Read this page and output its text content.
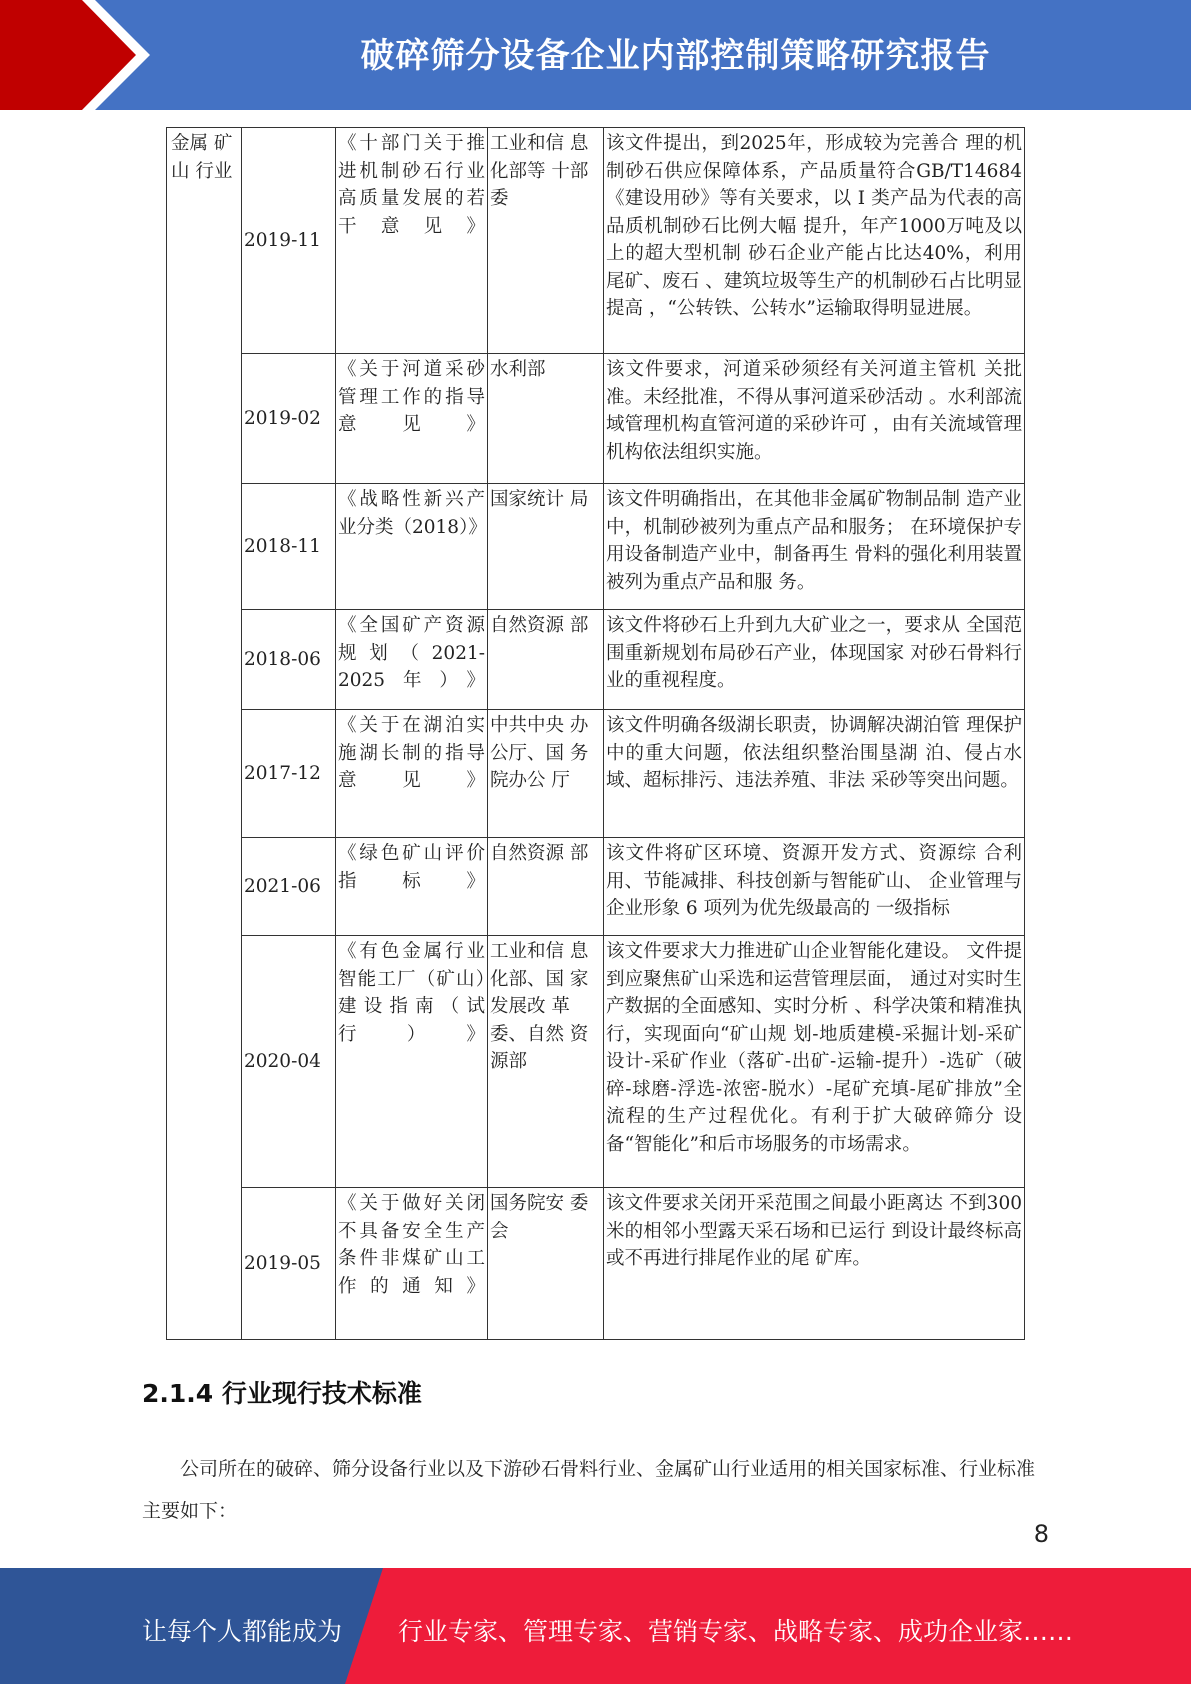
破碎筛分设备企业内部控制策略研究报告
金属 矿 山 行业	2019-11	《十部门关于推进机制砂石行业高质量发展的若干意见》	工业和信 息化部等 十部委	该文件提出，到2025年，形成较为完善合 理的机制砂石供应保障体系，产品质量符合GB/T14684《建设用砂》等有关要求，以 I 类产品为代表的高品质机制砂石比例大幅 提升，年产1000万吨及以上的超大型机制 砂石企业产能占比达40%，利用尾矿、废石 、建筑垃圾等生产的机制砂石占比明显提高 ，“公转铁、公转水”运输取得明显进展。
	2019-02	《关于河道采砂管理工作的指导意见》	水利部	该文件要求，河道采砂须经有关河道主管机 关批准。未经批准，不得从事河道采砂活动 。水利部流域管理机构直管河道的采砂许可 ，由有关流域管理机构依法组织实施。
	2018-11	《战略性新兴产业分类（2018）》	国家统计 局	该文件明确指出，在其他非金属矿物制品制 造产业中，机制砂被列为重点产品和服务； 在环境保护专用设备制造产业中，制备再生 骨料的强化利用装置被列为重点产品和服 务。
	2018-06	《全国矿产资源规划（2021-2025年）》	自然资源 部	该文件将砂石上升到九大矿业之一，要求从 全国范围重新规划布局砂石产业，体现国家 对砂石骨料行业的重视程度。
	2017-12	《关于在湖泊实施湖长制的指导意见》	中共中央 办公厅、国 务院办公 厅	该文件明确各级湖长职责，协调解决湖泊管 理保护中的重大问题，依法组织整治围垦湖 泊、侵占水域、超标排污、违法养殖、非法 采砂等突出问题。
	2021-06	《绿色矿山评价指标》	自然资源 部	该文件将矿区环境、资源开发方式、资源综 合利用、节能减排、科技创新与智能矿山、 企业管理与企业形象 6 项列为优先级最高的 一级指标
	2020-04	《有色金属行业智能工厂（矿山）建设指南（试行）》	工业和信 息化部、国 家发展改 革委、自然 资源部	该文件要求大力推进矿山企业智能化建设。 文件提到应聚焦矿山采选和运营管理层面， 通过对实时生产数据的全面感知、实时分析 、科学决策和精准执行，实现面向“矿山规 划-地质建模-采掘计划-采矿设计-采矿作业（落矿-出矿-运输-提升）-选矿（破碎-球磨-浮选-浓密-脱水）-尾矿充填-尾矿排放”全 流程的生产过程优化。有利于扩大破碎筛分 设备“智能化”和后市场服务的市场需求。
	2019-05	《关于做好关闭不具备安全生产条件非煤矿山工作的通知》	国务院安 委会	该文件要求关闭开采范围之间最小距离达 不到300米的相邻小型露天采石场和已运行 到设计最终标高或不再进行排尾作业的尾 矿库。
2.1.4 行业现行技术标准
公司所在的破碎、筛分设备行业以及下游砂石骨料行业、金属矿山行业适用的相关国家标准、行业标准主要如下：
8
让每个人都能成为 行业专家、管理专家、营销专家、战略专家、成功企业家……
